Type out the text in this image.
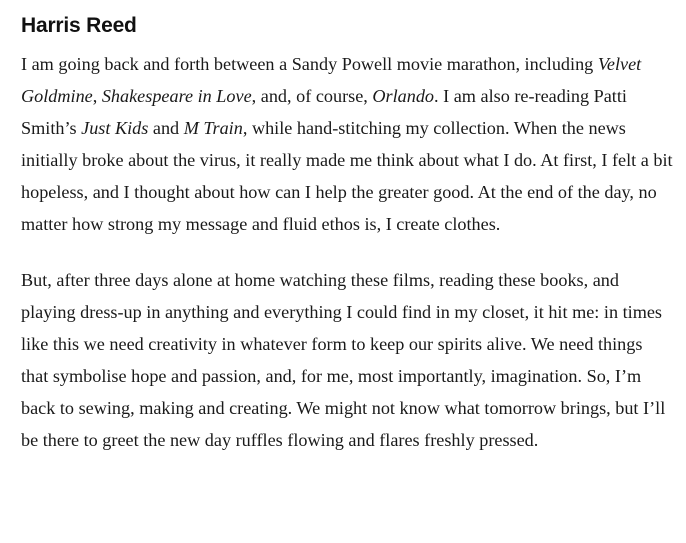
Harris Reed

I am going back and forth between a Sandy Powell movie marathon, including Velvet Goldmine, Shakespeare in Love, and, of course, Orlando. I am also re-reading Patti Smith’s Just Kids and M Train, while hand-stitching my collection. When the news initially broke about the virus, it really made me think about what I do. At first, I felt a bit hopeless, and I thought about how can I help the greater good. At the end of the day, no matter how strong my message and fluid ethos is, I create clothes.

But, after three days alone at home watching these films, reading these books, and playing dress-up in anything and everything I could find in my closet, it hit me: in times like this we need creativity in whatever form to keep our spirits alive. We need things that symbolise hope and passion, and, for me, most importantly, imagination. So, I’m back to sewing, making and creating. We might not know what tomorrow brings, but I’ll be there to greet the new day ruffles flowing and flares freshly pressed.
